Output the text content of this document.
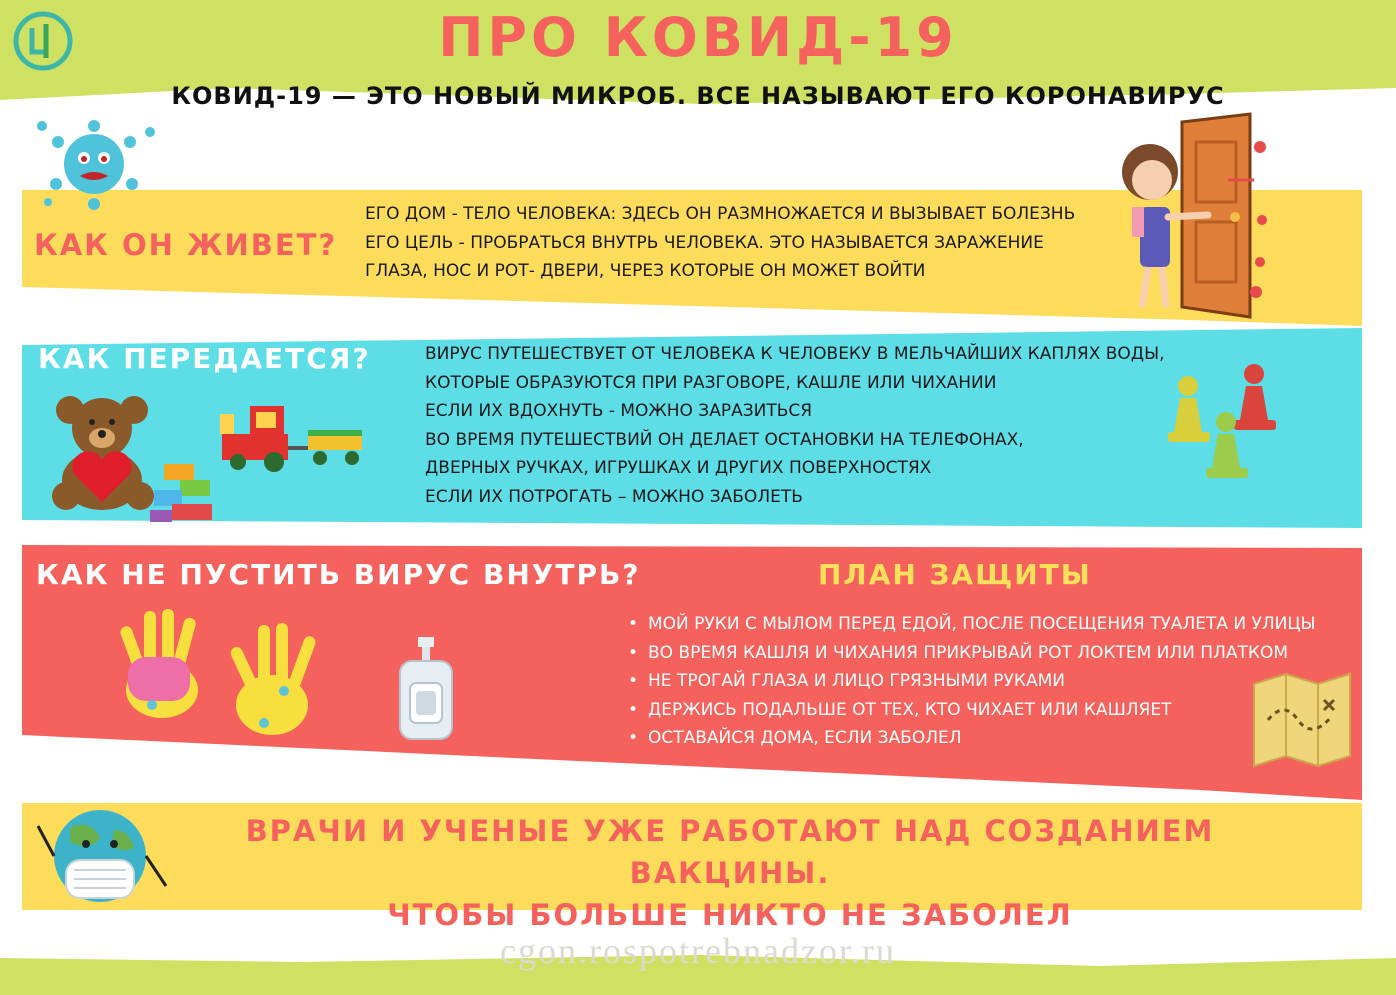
ПРО КОВИД-19
КОВИД-19 — ЭТО НОВЫЙ МИКРОБ. ВСЕ НАЗЫВАЮТ ЕГО КОРОНАВИРУС
КАК ОН ЖИВЕТ?
ЕГО ДОМ - ТЕЛО ЧЕЛОВЕКА: ЗДЕСЬ ОН РАЗМНОЖАЕТСЯ И ВЫЗЫВАЕТ БОЛЕЗНЬ
ЕГО ЦЕЛЬ - ПРОБРАТЬСЯ ВНУТРЬ ЧЕЛОВЕКА. ЭТО НАЗЫВАЕТСЯ ЗАРАЖЕНИЕ
ГЛАЗА, НОС И РОТ- ДВЕРИ, ЧЕРЕЗ КОТОРЫЕ ОН МОЖЕТ ВОЙТИ
КАК ПЕРЕДАЕТСЯ?	ВИРУС ПУТЕШЕСТВУЕТ ОТ ЧЕЛОВЕКА К ЧЕЛОВЕКУ В МЕЛЬЧАЙШИХ КАПЛЯХ ВОДЫ,
КОТОРЫЕ ОБРАЗУЮТСЯ ПРИ РАЗГОВОРЕ, КАШЛЕ ИЛИ ЧИХАНИИ
ЕСЛИ ИХ ВДОХНУТЬ - МОЖНО ЗАРАЗИТЬСЯ
ВО ВРЕМЯ ПУТЕШЕСТВИЙ ОН ДЕЛАЕТ ОСТАНОВКИ НА ТЕЛЕФОНАХ,
ДВЕРНЫХ РУЧКАХ, ИГРУШКАХ И ДРУГИХ ПОВЕРХНОСТЯХ
ЕСЛИ ИХ ПОТРОГАТЬ – МОЖНО ЗАБОЛЕТЬ
КАК НЕ ПУСТИТЬ ВИРУС ВНУТРЬ?	ПЛАН ЗАЩИТЫ
• МОЙ РУКИ С МЫЛОМ ПЕРЕД ЕДОЙ, ПОСЛЕ ПОСЕЩЕНИЯ ТУАЛЕТА И УЛИЦЫ
• ВО ВРЕМЯ КАШЛЯ И ЧИХАНИЯ ПРИКРЫВАЙ РОТ ЛОКТЕМ ИЛИ ПЛАТКОМ
• НЕ ТРОГАЙ ГЛАЗА И ЛИЦО ГРЯЗНЫМИ РУКАМИ
• ДЕРЖИСЬ ПОДАЛЬШЕ ОТ ТЕХ, КТО ЧИХАЕТ ИЛИ КАШЛЯЕТ
• ОСТАВАЙСЯ ДОМА, ЕСЛИ ЗАБОЛЕЛ
ВРАЧИ И УЧЕНЫЕ УЖЕ РАБОТАЮТ НАД СОЗДАНИЕМ ВАКЦИНЫ.
ЧТОБЫ БОЛЬШЕ НИКТО НЕ ЗАБОЛЕЛ
cgon.rospotrebnadzor.ru
